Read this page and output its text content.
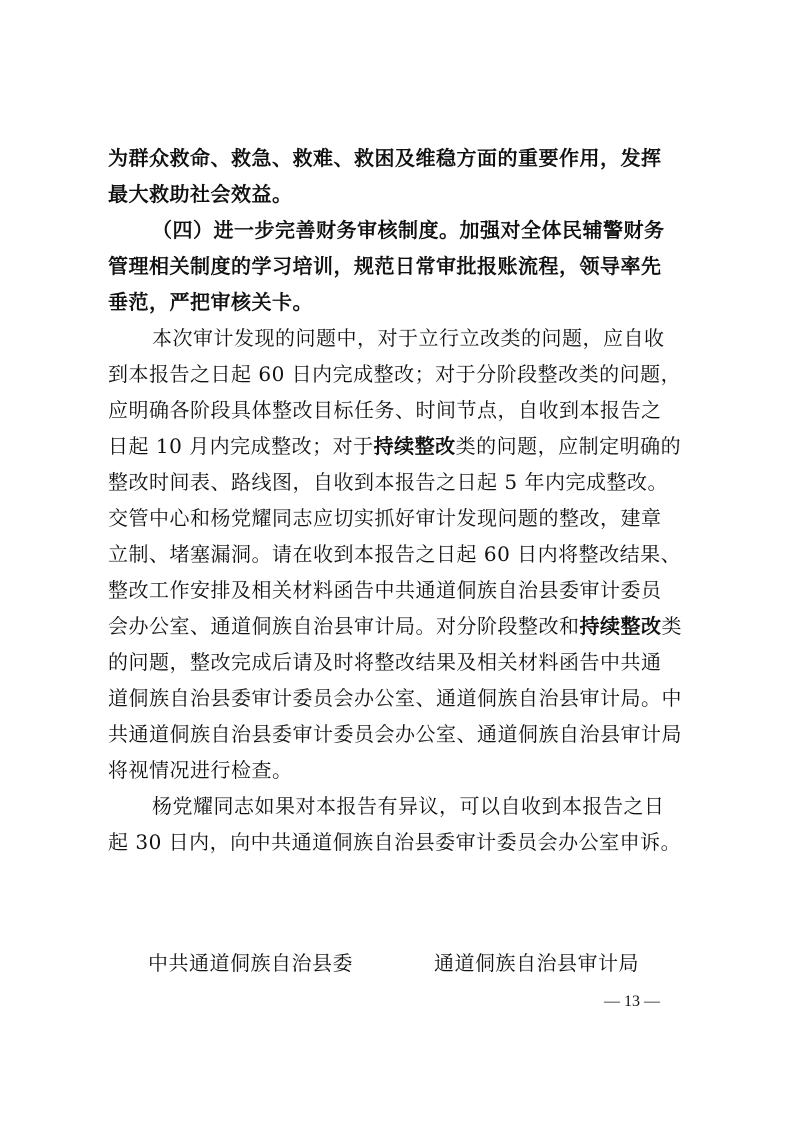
为群众救命、救急、救难、救困及维稳方面的重要作用，发挥
最大救助社会效益。
（四）进一步完善财务审核制度。加强对全体民辅警财务
管理相关制度的学习培训，规范日常审批报账流程，领导率先
垂范，严把审核关卡。
本次审计发现的问题中，对于立行立改类的问题，应自收
到本报告之日起 60 日内完成整改；对于分阶段整改类的问题，
应明确各阶段具体整改目标任务、时间节点，自收到本报告之
日起 10 月内完成整改；对于持续整改类的问题，应制定明确的
整改时间表、路线图，自收到本报告之日起 5 年内完成整改。
交管中心和杨党耀同志应切实抓好审计发现问题的整改，建章
立制、堵塞漏洞。请在收到本报告之日起 60 日内将整改结果、
整改工作安排及相关材料函告中共通道侗族自治县委审计委员
会办公室、通道侗族自治县审计局。对分阶段整改和持续整改类
的问题，整改完成后请及时将整改结果及相关材料函告中共通
道侗族自治县委审计委员会办公室、通道侗族自治县审计局。中
共通道侗族自治县委审计委员会办公室、通道侗族自治县审计局
将视情况进行检查。
杨党耀同志如果对本报告有异议，可以自收到本报告之日
起 30 日内，向中共通道侗族自治县委审计委员会办公室申诉。
中共通道侗族自治县委	通道侗族自治县审计局
— 13 —
